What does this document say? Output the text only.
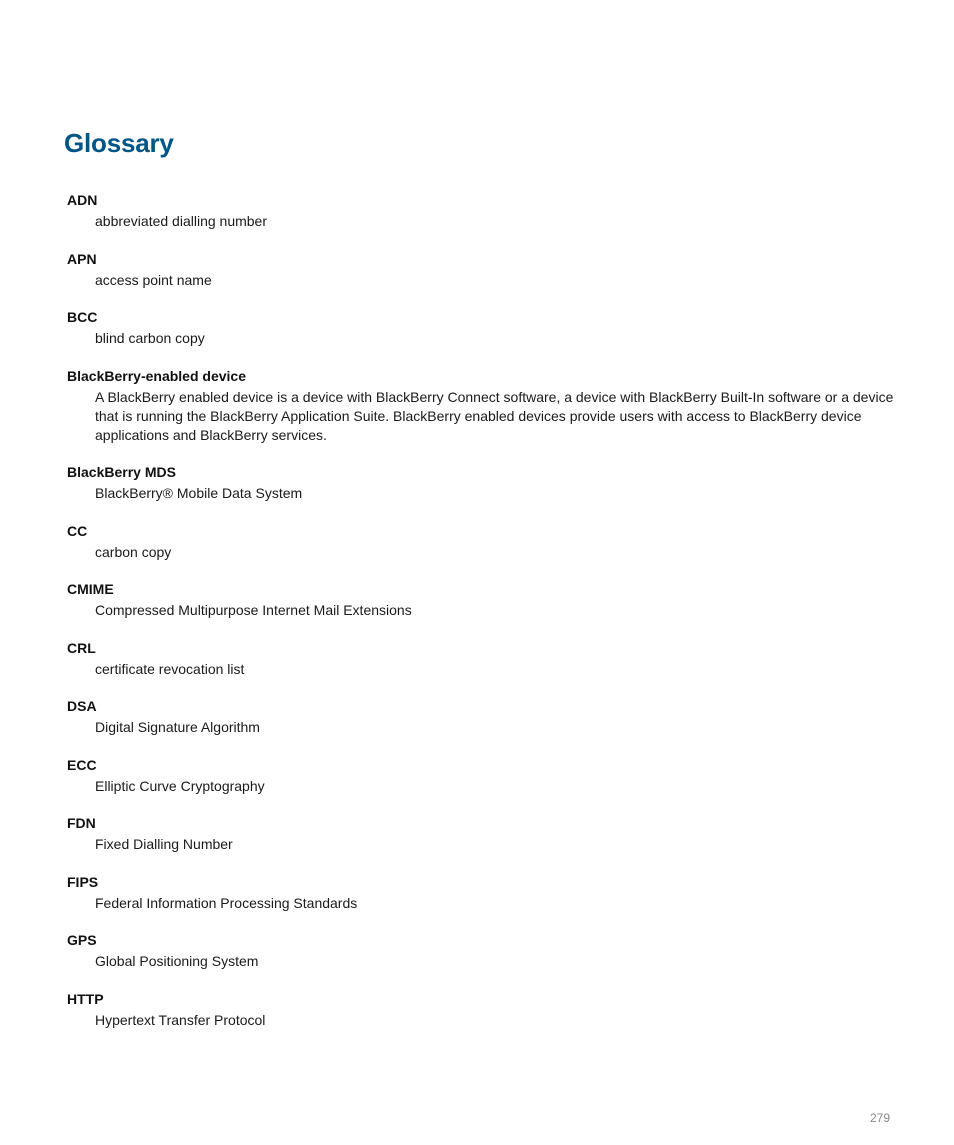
Glossary
ADN
abbreviated dialling number
APN
access point name
BCC
blind carbon copy
BlackBerry-enabled device
A BlackBerry enabled device is a device with BlackBerry Connect software, a device with BlackBerry Built-In software or a device that is running the BlackBerry Application Suite. BlackBerry enabled devices provide users with access to BlackBerry device applications and BlackBerry services.
BlackBerry MDS
BlackBerry® Mobile Data System
CC
carbon copy
CMIME
Compressed Multipurpose Internet Mail Extensions
CRL
certificate revocation list
DSA
Digital Signature Algorithm
ECC
Elliptic Curve Cryptography
FDN
Fixed Dialling Number
FIPS
Federal Information Processing Standards
GPS
Global Positioning System
HTTP
Hypertext Transfer Protocol
279
